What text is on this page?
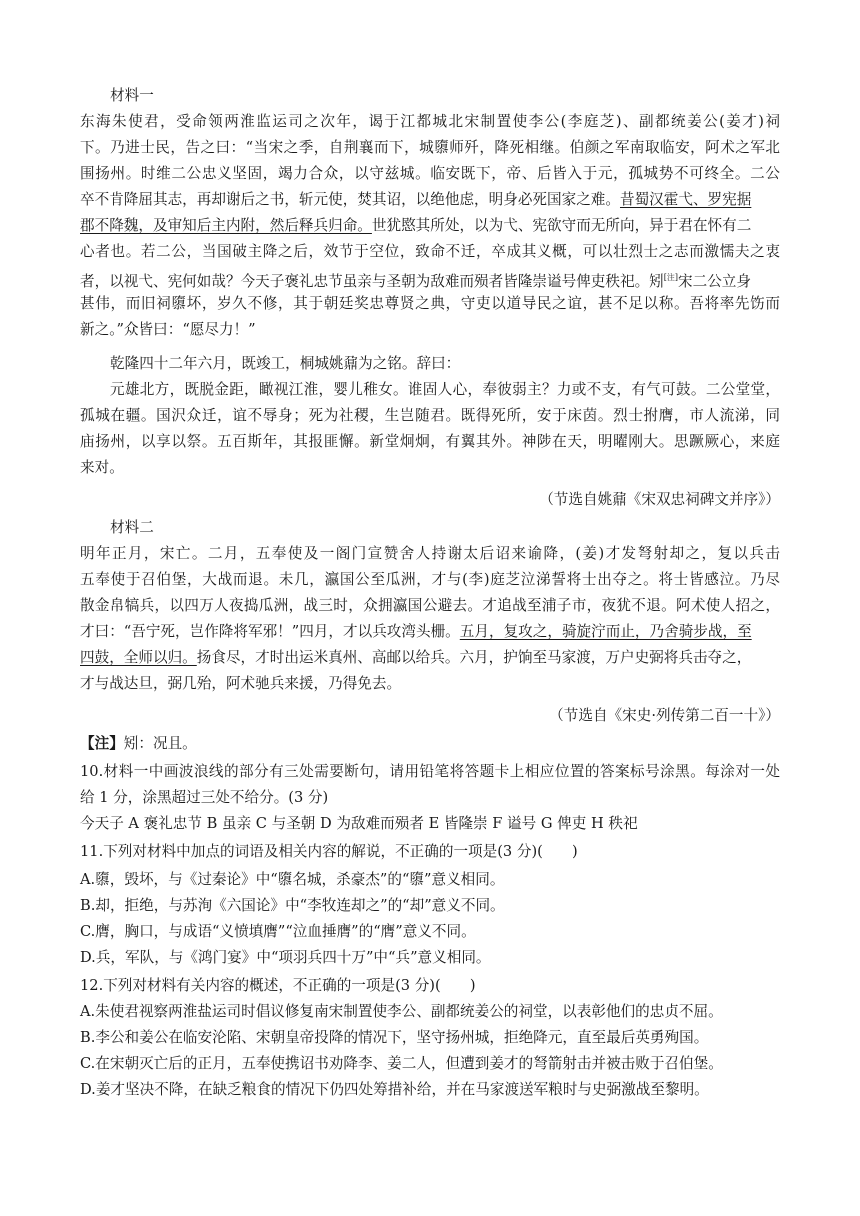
材料一
东海朱使君，受命领两淮监运司之次年，谒于江都城北宋制置使李公(李庭芝)、副都统姜公(姜才)祠
下。乃进士民，告之曰：“当宋之季，自荆襄而下，城隳师歼，降死相继。伯颜之军南取临安，阿术之军北
围扬州。时维二公忠义坚固，竭力合众，以守兹城。临安既下，帝、后皆入于元，孤城势不可终全。二公
卒不肯降屈其志，再却谢后之书，斩元使，焚其诏，以绝他虑，明身必死国家之难。昔蜀汉霍弋、罗宪据
郡不降魏，及审知后主内附，然后释兵归命。世犹愍其所处，以为弋、宪欲守而无所向，异于君在怀有二
心者也。若二公，当国破主降之后，效节于空位，致命不迁，卒成其义概，可以壮烈士之志而激懦夫之衷
者，以视弋、宪何如哉？今天子褒礼忠节虽亲与圣朝为敌难而殒者皆隆崇谥号俾吏秩祀。矧[注]宋二公立身
甚伟，而旧祠隳坏，岁久不修，其于朝廷奖忠尊贤之典，守吏以道导民之谊，甚不足以称。吾将率先饬而
新之。”众皆曰：“愿尽力！”
乾隆四十二年六月，既竣工，桐城姚鼐为之铭。辞曰：
元雄北方，既脱金距，瞰视江淮，婴儿稚女。谁固人心，奉彼弱主？力或不支，有气可鼓。二公堂堂，
孤城在疆。国沢众迁，谊不辱身；死为社稷，生岂随君。既得死所，安于床茵。烈士拊膺，市人流涕，同
庙扬州，以享以祭。五百斯年，其报匪懈。新堂炯炯，有翼其外。神陟在天，明曜刚大。思蹶厥心，来庭
来对。
（节选自姚鼐《宋双忠祠碑文并序》）
材料二
明年正月，宋亡。二月，五奉使及一阁门宣赞舍人持谢太后诏来谕降，(姜)才发弩射却之，复以兵击
五奉使于召伯堡，大战而退。未几，瀛国公至瓜洲，才与(李)庭芝泣涕誓将士出夺之。将士皆感泣。乃尽
散金帛犒兵，以四万人夜捣瓜洲，战三时，众拥瀛国公避去。才追战至浦子市，夜犹不退。阿术使人招之，
才曰：“吾宁死，岂作降将军邪！”四月，才以兵攻湾头栅。五月，复攻之，骑旋泞而止，乃舍骑步战，至
四鼓，全师以归。扬食尽，才时出运米真州、高邮以给兵。六月，护饷至马家渡，万户史弼将兵击夺之，
才与战达旦，弼几殆，阿术驰兵来援，乃得免去。
（节选自《宋史·列传第二百一十》）
【注】矧：况且。
10.材料一中画波浪线的部分有三处需要断句，请用铅笔将答题卡上相应位置的答案标号涂黑。每涂对一处
给 1 分，涂黑超过三处不给分。(3 分)
今天子 A 褒礼忠节 B 虽亲 C 与圣朝 D 为敌难而殒者 E 皆隆崇 F 谥号 G 俾吏 H 秩祀
11.下列对材料中加点的词语及相关内容的解说，不正确的一项是(3 分)(　　)
A.隳，毁坏，与《过秦论》中“隳名城，杀豪杰”的“隳”意义相同。
B.却，拒绝，与苏洵《六国论》中“李牧连却之”的“却”意义不同。
C.膺，胸口，与成语“义愤填膺”“泣血捶膺”的“膺”意义不同。
D.兵，军队，与《鸿门宴》中“项羽兵四十万”中“兵”意义相同。
12.下列对材料有关内容的概述，不正确的一项是(3 分)(　　)
A.朱使君视察两淮盐运司时倡议修复南宋制置使李公、副都统姜公的祠堂，以表彰他们的忠贞不屈。
B.李公和姜公在临安沦陷、宋朝皇帝投降的情况下，坚守扬州城，拒绝降元，直至最后英勇殉国。
C.在宋朝灭亡后的正月，五奉使携诏书劝降李、姜二人，但遭到姜才的弩箭射击并被击败于召伯堡。
D.姜才坚决不降，在缺乏粮食的情况下仍四处筹措补给，并在马家渡送军粮时与史弼激战至黎明。
